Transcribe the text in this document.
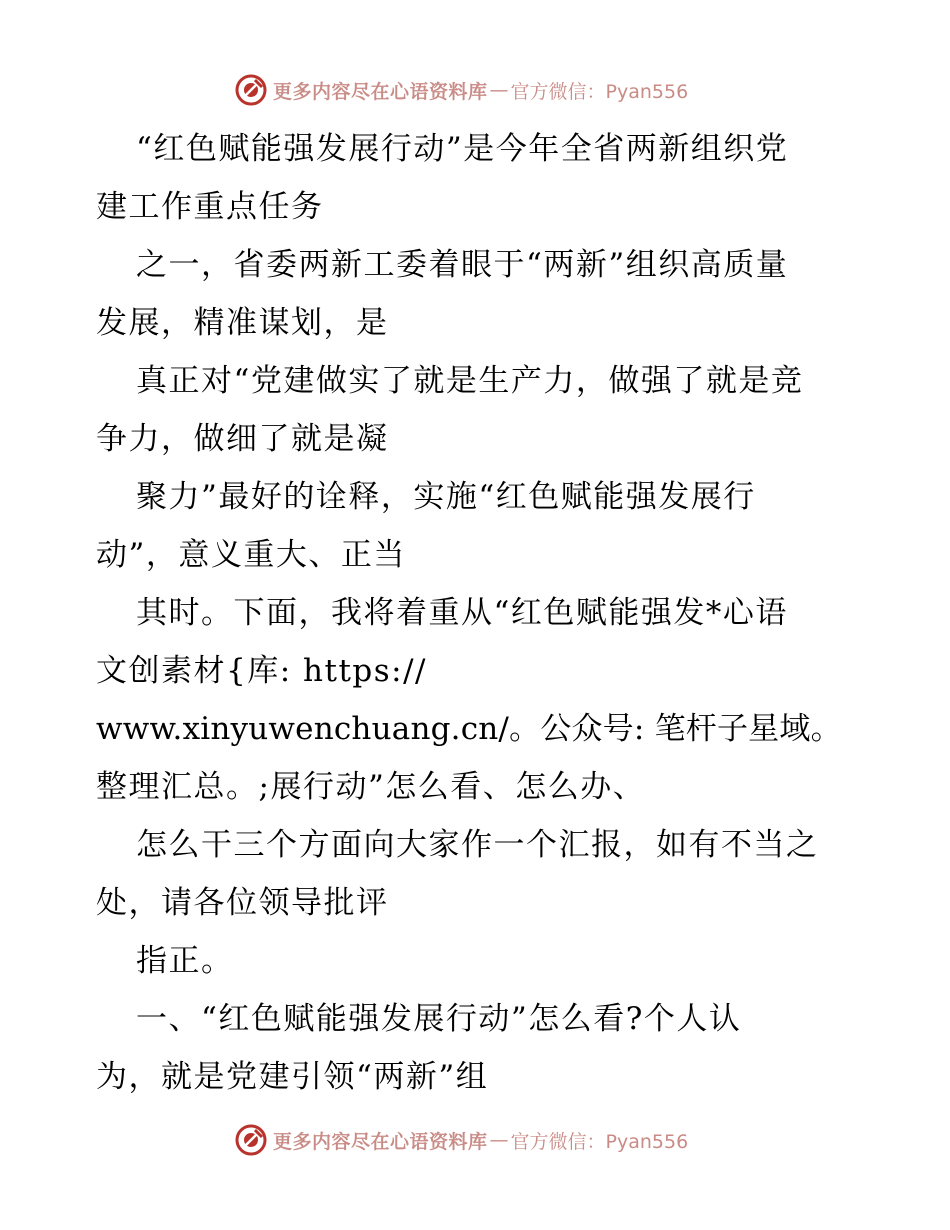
更多内容尽在心语资料库 — 官方微信：Pyan556
“红色赋能强发展行动”是今年全省两新组织党
建工作重点任务
之一，省委两新工委着眼于“两新”组织高质量
发展，精准谋划，是
真正对“党建做实了就是生产力，做强了就是竞
争力，做细了就是凝
聚力”最好的诠释，实施“红色赋能强发展行
动”，意义重大、正当
其时。下面，我将着重从“红色赋能强发*心语
文创素材{库: https://
www.xinyuwenchuang.cn/。公众号: 笔杆子星域。
整理汇总。;展行动”怎么看、怎么办、
怎么干三个方面向大家作一个汇报，如有不当之
处，请各位领导批评
指正。
一、“红色赋能强发展行动”怎么看?个人认
为，就是党建引领“两新”组
更多内容尽在心语资料库 — 官方微信：Pyan556
